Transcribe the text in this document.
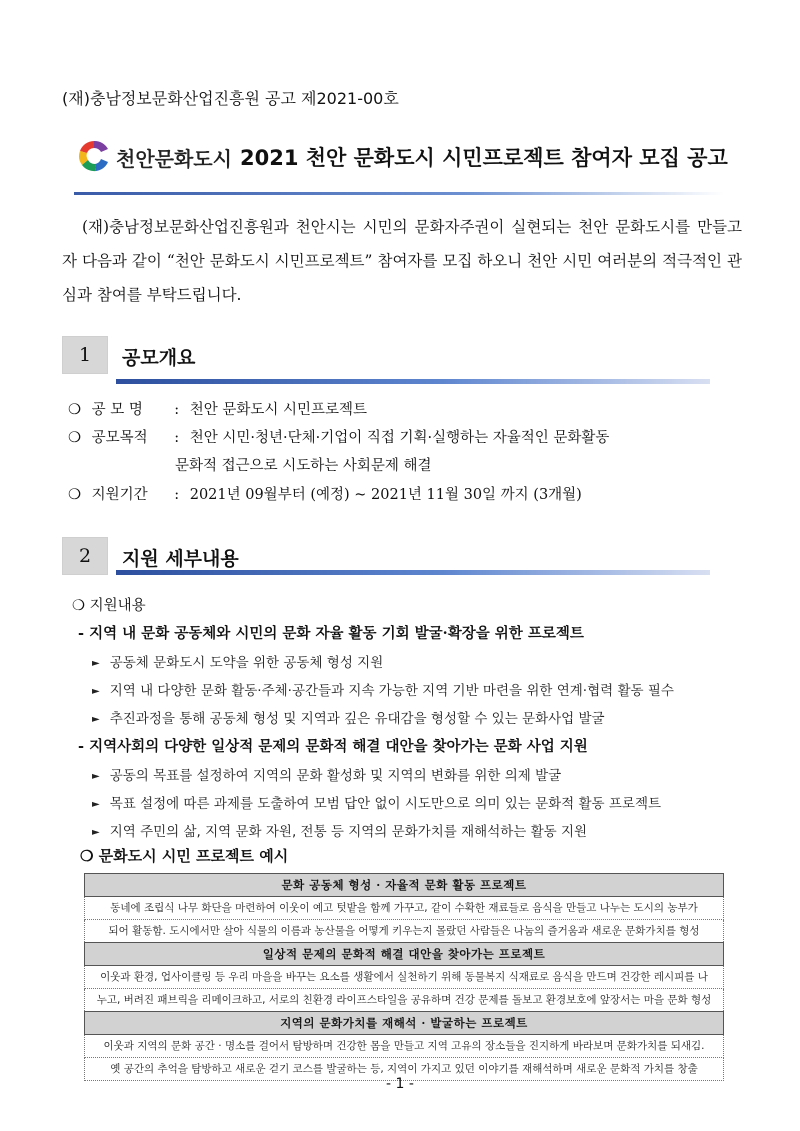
(재)충남정보문화산업진흥원 공고 제2021-00호
천안문화도시 2021 천안 문화도시 시민프로젝트 참여자 모집 공고

(재)충남정보문화산업진흥원과 천안시는 시민의 문화자주권이 실현되는 천안 문화도시를 만들고자 다음과 같이 “천안 문화도시 시민프로젝트” 참여자를 모집 하오니 천안 시민 여러분의 적극적인 관심과 참여를 부탁드립니다.

1	공모개요
❍ 공 모 명 : 천안 문화도시 시민프로젝트
❍ 공모목적 : 천안 시민·청년·단체·기업이 직접 기획·실행하는 자율적인 문화활동
문화적 접근으로 시도하는 사회문제 해결
❍ 지원기간 : 2021년 09월부터 (예정) ~ 2021년 11월 30일 까지 (3개월)
2	지원 세부내용
❍ 지원내용
- 지역 내 문화 공동체와 시민의 문화 자율 활동 기회 발굴·확장을 위한 프로젝트
► 공동체 문화도시 도약을 위한 공동체 형성 지원
► 지역 내 다양한 문화 활동·주체·공간들과 지속 가능한 지역 기반 마련을 위한 연계·협력 활동 필수
► 추진과정을 통해 공동체 형성 및 지역과 깊은 유대감을 형성할 수 있는 문화사업 발굴
- 지역사회의 다양한 일상적 문제의 문화적 해결 대안을 찾아가는 문화 사업 지원
► 공동의 목표를 설정하여 지역의 문화 활성화 및 지역의 변화를 위한 의제 발굴
► 목표 설정에 따른 과제를 도출하여 모범 답안 없이 시도만으로 의미 있는 문화적 활동 프로젝트
► 지역 주민의 삶, 지역 문화 자원, 전통 등 지역의 문화가치를 재해석하는 활동 지원
❍ 문화도시 시민 프로젝트 예시
문화 공동체 형성 · 자율적 문화 활동 프로젝트
동네에 조립식 나무 화단을 마련하여 이웃이 예고 텃밭을 함께 가꾸고, 같이 수확한 재료들로 음식을 만들고 나누는 도시의 농부가
되어 활동함. 도시에서만 살아 식물의 이름과 농산물을 어떻게 키우는지 몰랐던 사람들은 나눔의 즐거움과 새로운 문화가치를 형성
일상적 문제의 문화적 해결 대안을 찾아가는 프로젝트
이웃과 환경, 업사이클링 등 우리 마을을 바꾸는 요소를 생활에서 실천하기 위해 동물복지 식재료로 음식을 만드며 건강한 레시피를 나
누고, 버려진 패브릭을 리메이크하고, 서로의 친환경 라이프스타일을 공유하며 건강 문제를 돌보고 환경보호에 앞장서는 마을 문화 형성
지역의 문화가치를 재해석 · 발굴하는 프로젝트
이웃과 지역의 문화 공간 · 명소를 걸어서 탐방하며 건강한 몸을 만들고 지역 고유의 장소들을 진지하게 바라보며 문화가치를 되새김.
옛 공간의 추억을 탐방하고 새로운 걷기 코스를 발굴하는 등, 지역이 가지고 있던 이야기를 재해석하며 새로운 문화적 가치를 창출
- 1 -
